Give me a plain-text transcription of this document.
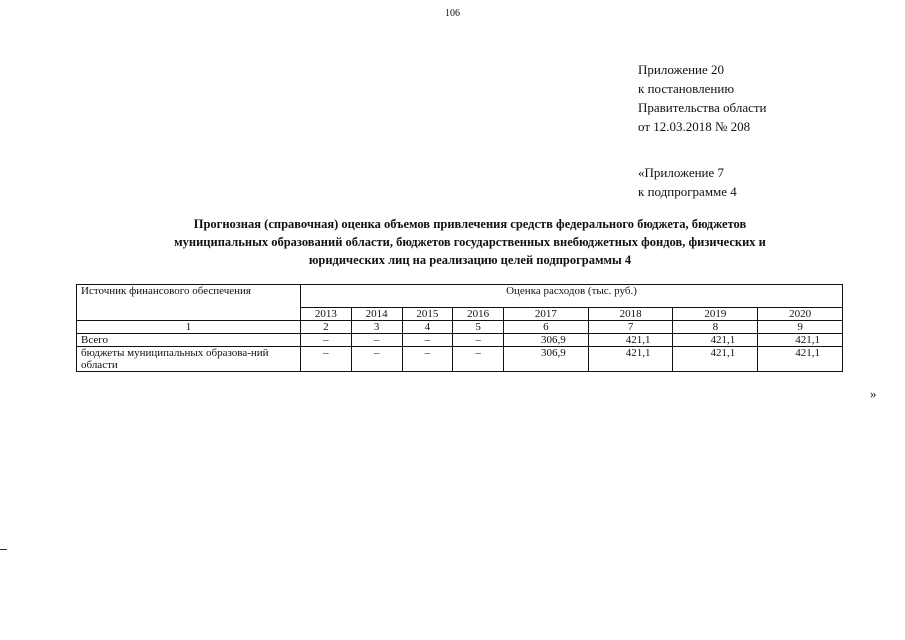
106
Приложение 20
к постановлению
Правительства области
от 12.03.2018 № 208
«Приложение 7
к подпрограмме 4
Прогнозная (справочная) оценка объемов привлечения средств федерального бюджета, бюджетов
муниципальных образований области, бюджетов государственных внебюджетных фондов, физических и
юридических лиц на реализацию целей подпрограммы 4
Источник финансового обеспечения	Оценка расходов (тыс. руб.)							
	2013	2014	2015	2016	2017	2018	2019	2020
1	2	3	4	5	6	7	8	9
Всего	–	–	–	–	306,9	421,1	421,1	421,1
бюджеты муниципальных образова-ний области	–	–	–	–	306,9	421,1	421,1	421,1
»
